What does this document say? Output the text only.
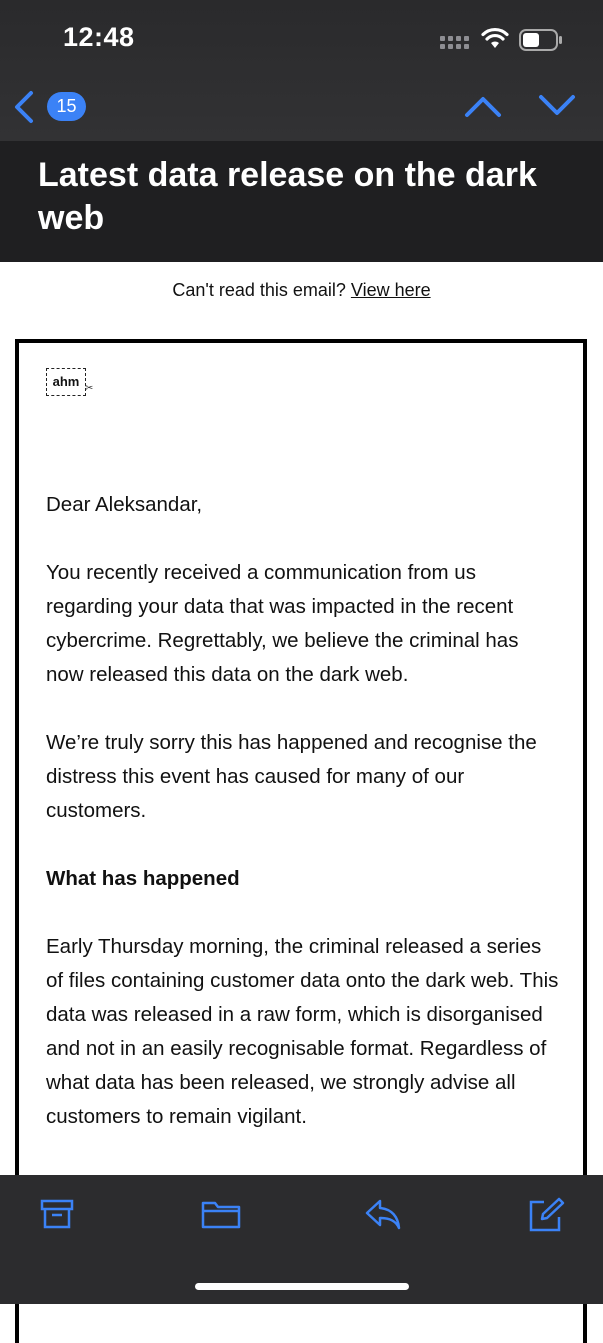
12:48
15
Latest data release on the dark web
Can't read this email? View here
ahm ✂

Dear Aleksandar,

You recently received a communication from us regarding your data that was impacted in the recent cybercrime. Regrettably, we believe the criminal has now released this data on the dark web.

We’re truly sorry this has happened and recognise the distress this event has caused for many of our customers.

What has happened

Early Thursday morning, the criminal released a series of files containing customer data onto the dark web. This data was released in a raw form, which is disorganised and not in an easily recognisable format. Regardless of what data has been released, we strongly advise all customers to remain vigilant.
